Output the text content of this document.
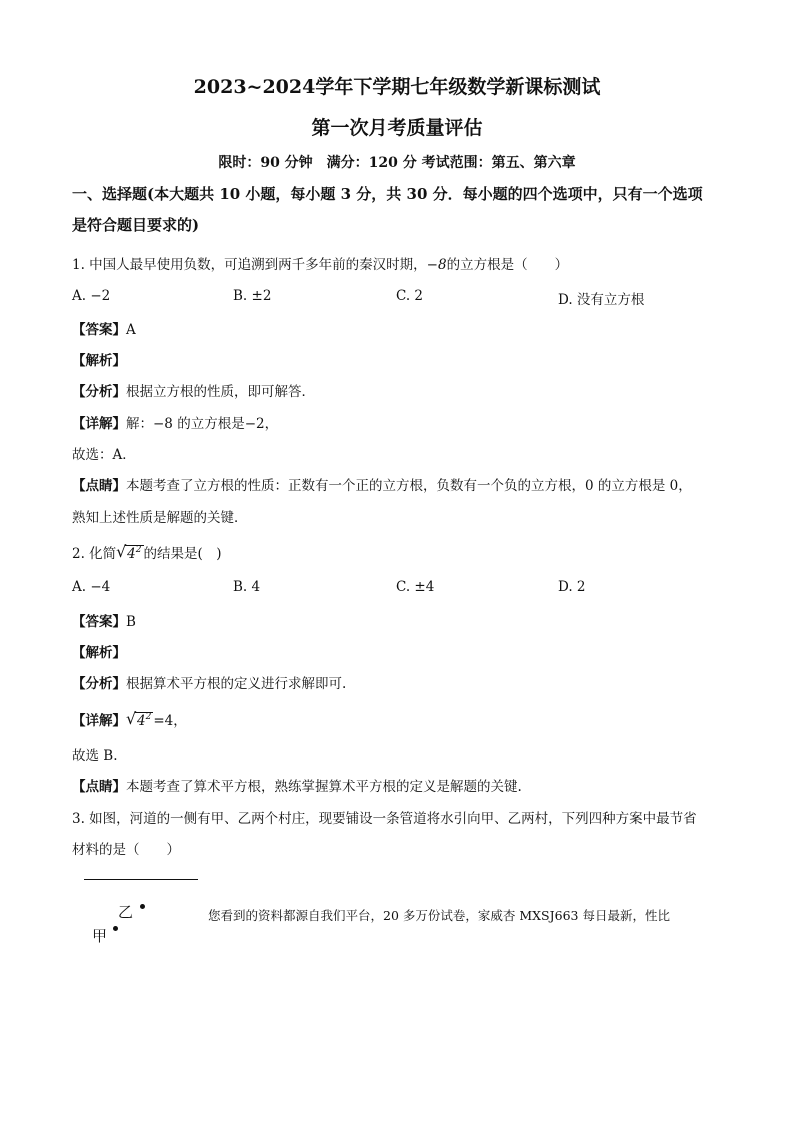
2023~2024学年下学期七年级数学新课标测试
第一次月考质量评估
限时：90 分钟　满分：120 分 考试范围：第五、第六章
一、选择题(本大题共 10 小题，每小题 3 分，共 30 分．每小题的四个选项中，只有一个选项
是符合题目要求的)
1. 中国人最早使用负数，可追溯到两千多年前的秦汉时期，−8的立方根是（　　）
A. −2	B. ±2	C. 2	D. 没有立方根
【答案】A
【解析】
【分析】根据立方根的性质，即可解答．
【详解】解：−8 的立方根是−2，
故选：A．
【点睛】本题考查了立方根的性质：正数有一个正的立方根，负数有一个负的立方根，0 的立方根是 0，
熟知上述性质是解题的关键．
2. 化简 √ $4^2$ 的结果是(　)
A. −4	B. 4	C. ±4	D. 2
【答案】B
【解析】
【分析】根据算术平方根的定义进行求解即可.
【详解】 √ $4^2 =4$，
故选 B.
【点睛】本题考查了算术平方根，熟练掌握算术平方根的定义是解题的关键.
3. 如图，河道的一侧有甲、乙两个村庄，现要铺设一条管道将水引向甲、乙两村，下列四种方案中最节省
材料的是（　　）
乙
甲
您看到的资料都源自我们平台，20 多万份试卷，家威杏 MXSJ663 每日最新，性比
